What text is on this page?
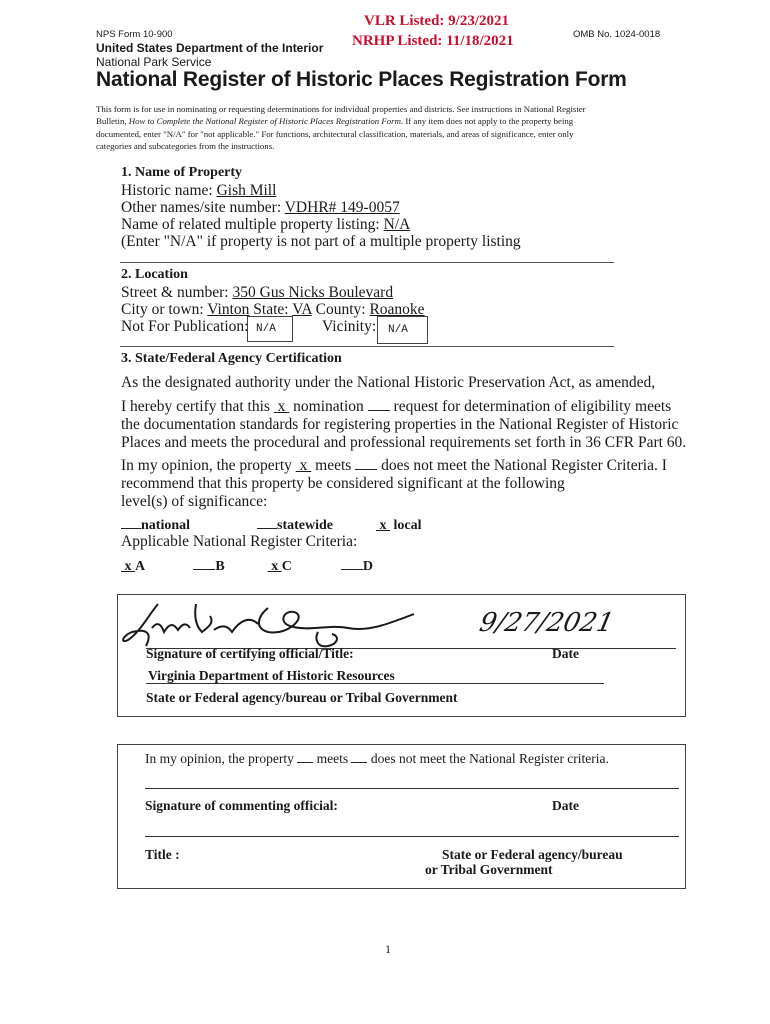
NPS Form 10-900	OMB No. 1024-0018
VLR Listed: 9/23/2021
NRHP Listed: 11/18/2021
United States Department of the Interior
National Park Service
National Register of Historic Places Registration Form
This form is for use in nominating or requesting determinations for individual properties and districts. See instructions in National Register
Bulletin, How to Complete the National Register of Historic Places Registration Form. If any item does not apply to the property being
documented, enter "N/A" for "not applicable." For functions, architectural classification, materials, and areas of significance, enter only
categories and subcategories from the instructions.
1. Name of Property
Historic name: Gish Mill
Other names/site number: VDHR# 149-0057
Name of related multiple property listing: N/A
(Enter "N/A" if property is not part of a multiple property listing
2. Location
Street & number: 350 Gus Nicks Boulevard
City or town: Vinton State: VA County: Roanoke
Not For Publication: N/A	Vicinity: N/A
3. State/Federal Agency Certification
As the designated authority under the National Historic Preservation Act, as amended,
I hereby certify that this x nomination request for determination of eligibility meets
the documentation standards for registering properties in the National Register of Historic
Places and meets the procedural and professional requirements set forth in 36 CFR Part 60.
In my opinion, the property x meets does not meet the National Register Criteria. I
recommend that this property be considered significant at the following
level(s) of significance:
national	statewide	x local
Applicable National Register Criteria:
x A	B	x C	D
9/27/2021
Signature of certifying official/Title:	Date
Virginia Department of Historic Resources
State or Federal agency/bureau or Tribal Government
In my opinion, the property meets does not meet the National Register criteria.
Signature of commenting official:	Date
Title :	State or Federal agency/bureau
or Tribal Government
1
